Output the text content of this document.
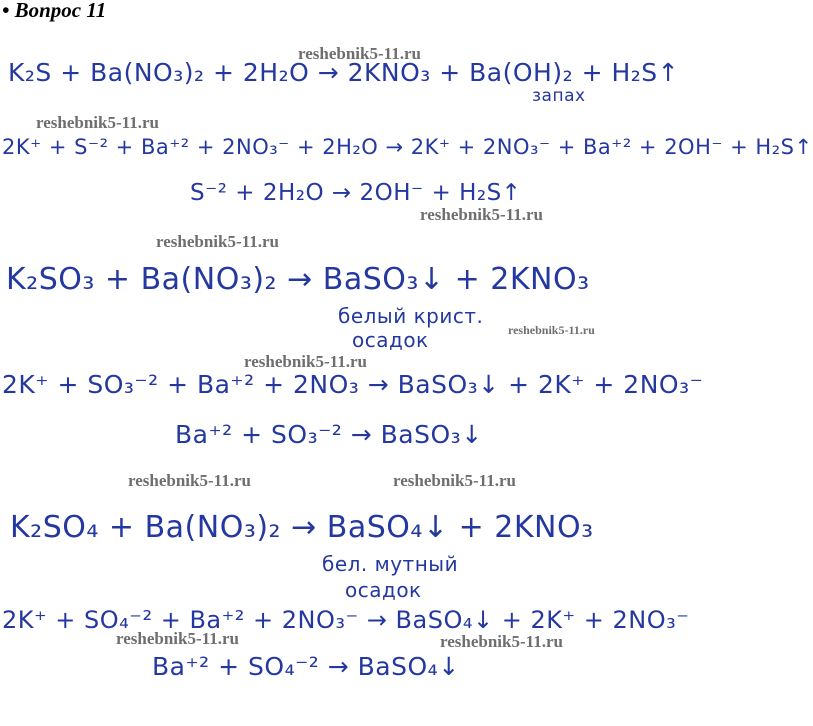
• Вопрос 11
K₂S + Ba(NO₃)₂ + 2H₂O → 2KNO₃ + Ba(OH)₂ + H₂S↑
запах
2K⁺ + S⁻² + Ba⁺² + 2NO₃⁻ + 2H₂O → 2K⁺ + 2NO₃⁻ + Ba⁺² + 2OH⁻ + H₂S↑
S⁻² + 2H₂O → 2OH⁻ + H₂S↑
K₂SO₃ + Ba(NO₃)₂ → BaSO₃↓ + 2KNO₃
белый крист.
осадок
2K⁺ + SO₃⁻² + Ba⁺² + 2NO₃ → BaSO₃↓ + 2K⁺ + 2NO₃⁻
Ba⁺² + SO₃⁻² → BaSO₃↓
K₂SO₄ + Ba(NO₃)₂ → BaSO₄↓ + 2KNO₃
бел. мутный
осадок
2K⁺ + SO₄⁻² + Ba⁺² + 2NO₃⁻ → BaSO₄↓ + 2K⁺ + 2NO₃⁻
Ba⁺² + SO₄⁻² → BaSO₄↓
reshebnik5-11.ru
reshebnik5-11.ru
reshebnik5-11.ru
reshebnik5-11.ru
reshebnik5-11.ru
reshebnik5-11.ru
reshebnik5-11.ru	reshebnik5-11.ru
reshebnik5-11.ru	reshebnik5-11.ru
